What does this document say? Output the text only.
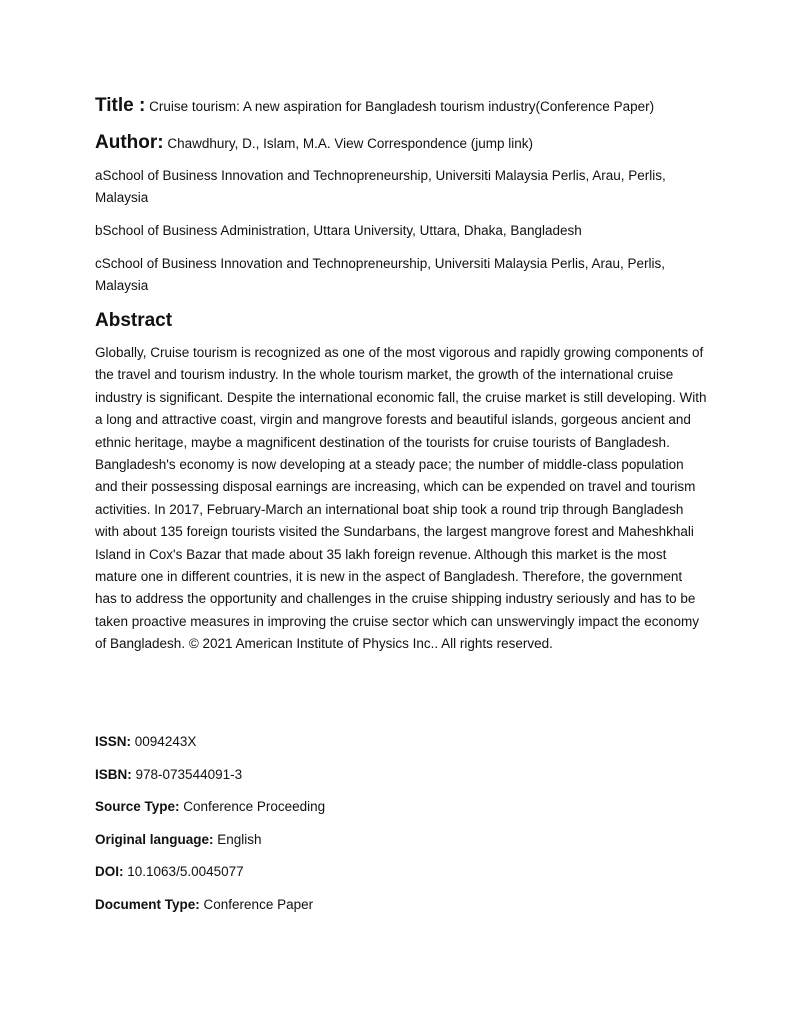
Title : Cruise tourism: A new aspiration for Bangladesh tourism industry(Conference Paper)

Author: Chawdhury, D., Islam, M.A. View Correspondence (jump link)

aSchool of Business Innovation and Technopreneurship, Universiti Malaysia Perlis, Arau, Perlis, Malaysia

bSchool of Business Administration, Uttara University, Uttara, Dhaka, Bangladesh

cSchool of Business Innovation and Technopreneurship, Universiti Malaysia Perlis, Arau, Perlis, Malaysia

Abstract

Globally, Cruise tourism is recognized as one of the most vigorous and rapidly growing components of the travel and tourism industry. In the whole tourism market, the growth of the international cruise industry is significant. Despite the international economic fall, the cruise market is still developing. With a long and attractive coast, virgin and mangrove forests and beautiful islands, gorgeous ancient and ethnic heritage, maybe a magnificent destination of the tourists for cruise tourists of Bangladesh. Bangladesh's economy is now developing at a steady pace; the number of middle-class population and their possessing disposal earnings are increasing, which can be expended on travel and tourism activities. In 2017, February-March an international boat ship took a round trip through Bangladesh with about 135 foreign tourists visited the Sundarbans, the largest mangrove forest and Maheshkhali Island in Cox's Bazar that made about 35 lakh foreign revenue. Although this market is the most mature one in different countries, it is new in the aspect of Bangladesh. Therefore, the government has to address the opportunity and challenges in the cruise shipping industry seriously and has to be taken proactive measures in improving the cruise sector which can unswervingly impact the economy of Bangladesh. © 2021 American Institute of Physics Inc.. All rights reserved.

ISSN: 0094243X

ISBN: 978-073544091-3

Source Type: Conference Proceeding

Original language: English

DOI: 10.1063/5.0045077

Document Type: Conference Paper
